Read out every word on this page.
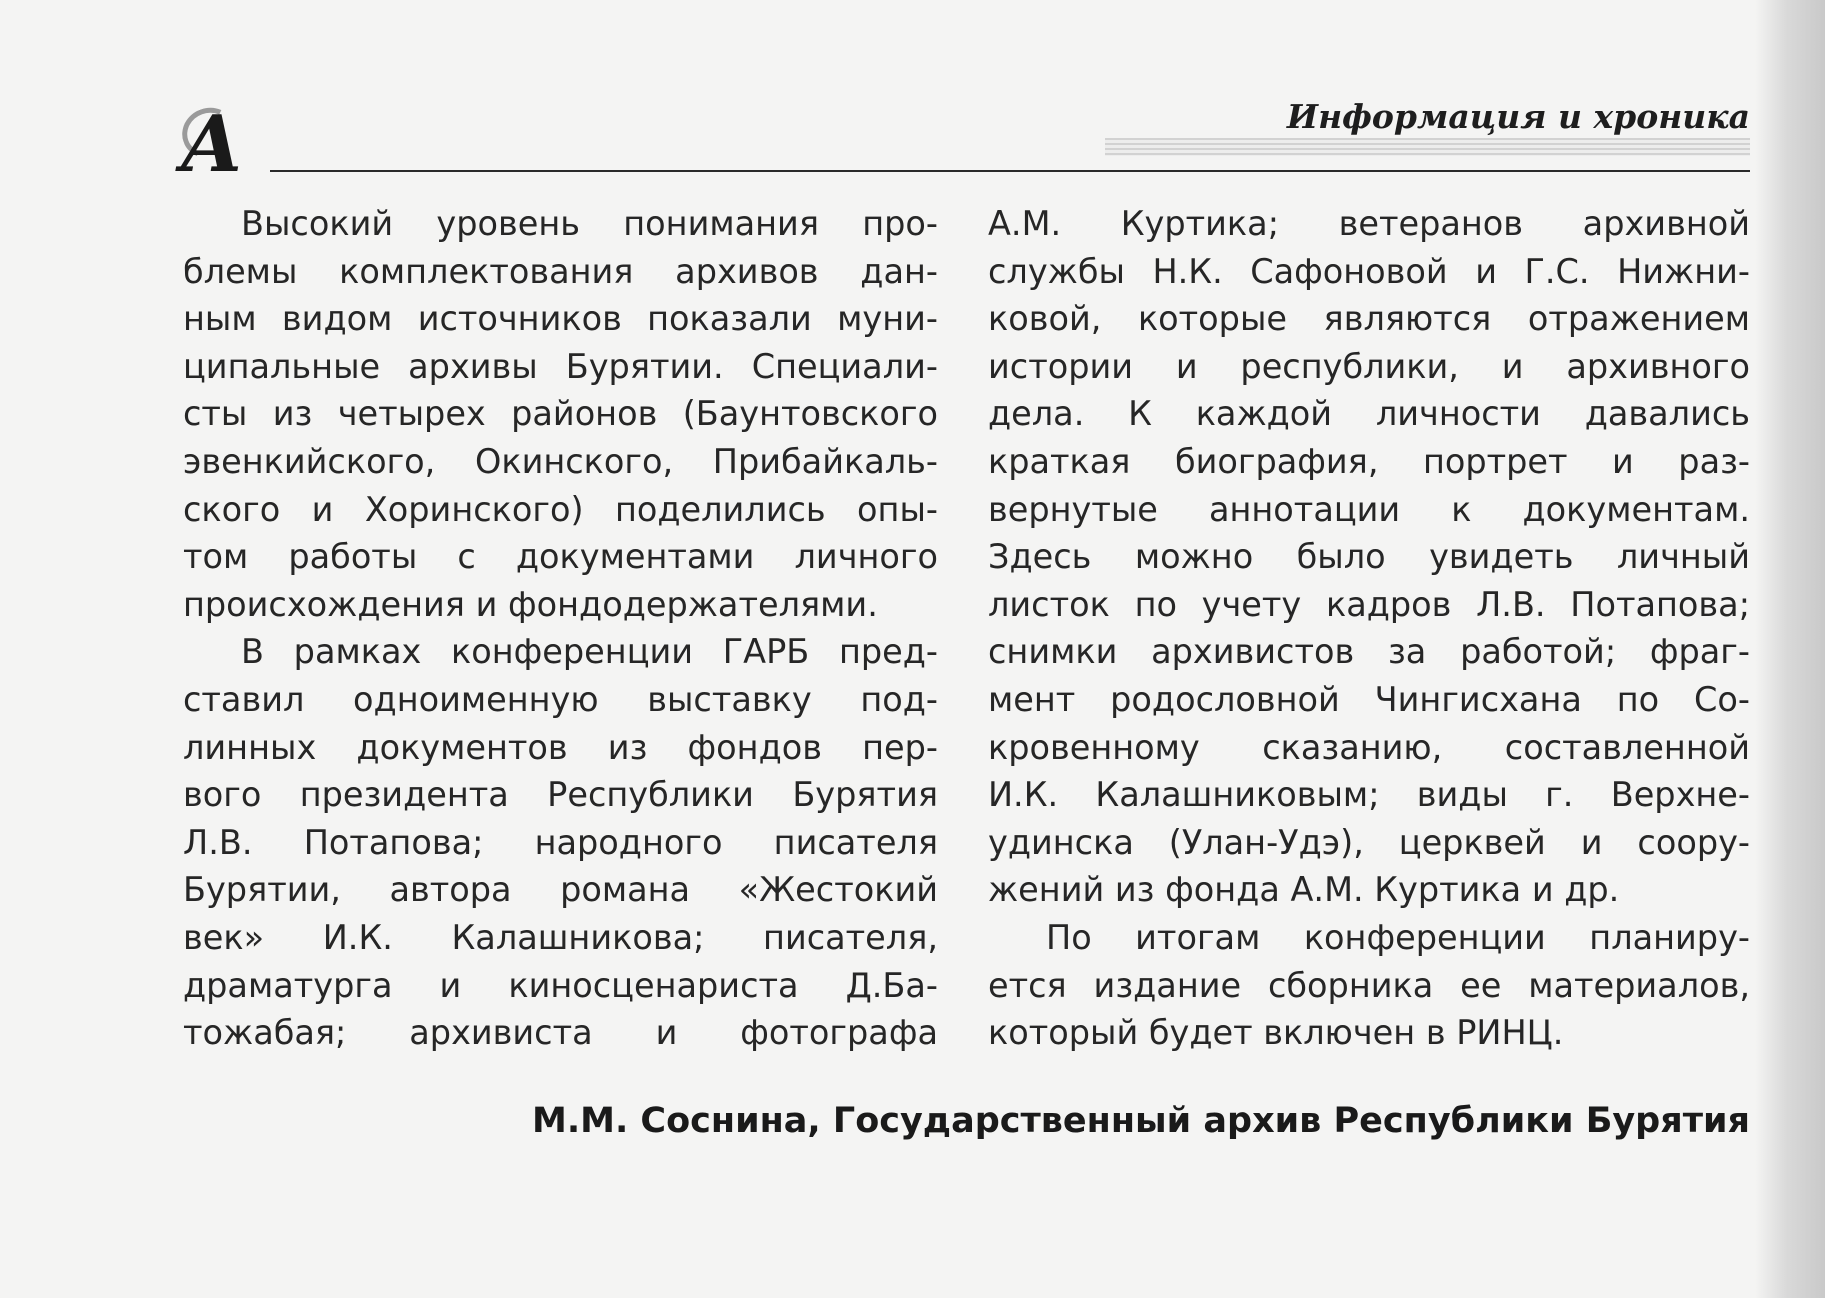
А	Информация и хроника
Высокий уровень понимания про-
блемы комплектования архивов дан-
ным видом источников показали муни-
ципальные архивы Бурятии. Специали-
сты из четырех районов (Баунтовского
эвенкийского, Окинского, Прибайкаль-
ского и Хоринского) поделились опы-
том работы с документами личного
происхождения и фондодержателями.
В рамках конференции ГАРБ пред-
ставил одноименную выставку под-
линных документов из фондов пер-
вого президента Республики Бурятия
Л.В. Потапова; народного писателя
Бурятии, автора романа «Жестокий
век» И.К. Калашникова; писателя,
драматурга и киносценариста Д.Ба-
тожабая; архивиста и фотографа
А.М. Куртика; ветеранов архивной
службы Н.К. Сафоновой и Г.С. Нижни-
ковой, которые являются отражением
истории и республики, и архивного
дела. К каждой личности давались
краткая биография, портрет и раз-
вернутые аннотации к документам.
Здесь можно было увидеть личный
листок по учету кадров Л.В. Потапова;
снимки архивистов за работой; фраг-
мент родословной Чингисхана по Со-
кровенному сказанию, составленной
И.К. Калашниковым; виды г. Верхне-
удинска (Улан-Удэ), церквей и соору-
жений из фонда А.М. Куртика и др.
По итогам конференции планиру-
ется издание сборника ее материалов,
который будет включен в РИНЦ.
М.М. Соснина, Государственный архив Республики Бурятия
